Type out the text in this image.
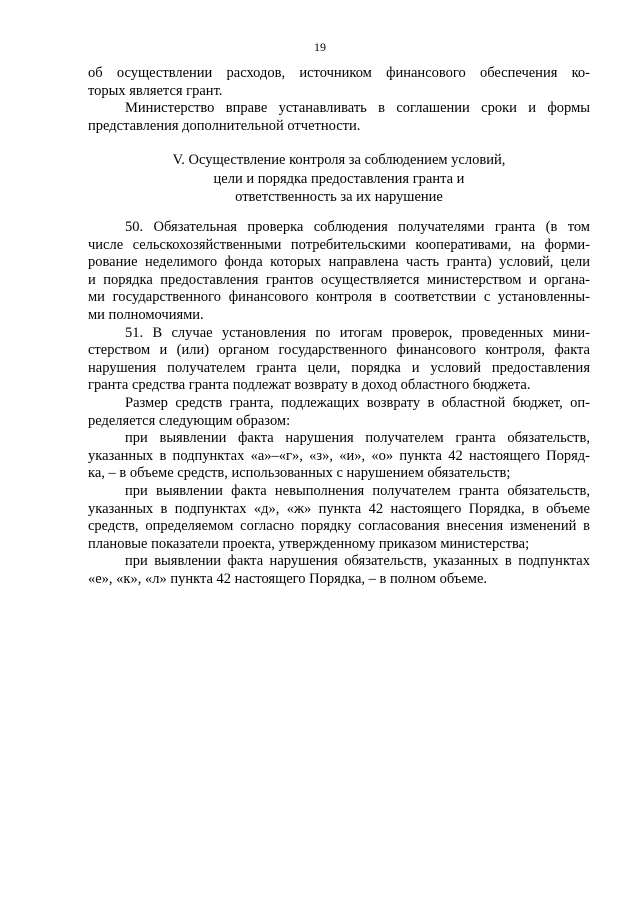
19

об осуществлении расходов, источником финансового обеспечения ко-
торых является грант.

Министерство вправе устанавливать в соглашении сроки и формы
представления дополнительной отчетности.

V. Осуществление контроля за соблюдением условий,
цели и порядка предоставления гранта и
ответственность за их нарушение

50. Обязательная проверка соблюдения получателями гранта (в том
числе сельскохозяйственными потребительскими кооперативами, на форми-
рование неделимого фонда которых направлена часть гранта) условий, цели
и порядка предоставления грантов осуществляется министерством и органа-
ми государственного финансового контроля в соответствии с установленны-
ми полномочиями.

51. В случае установления по итогам проверок, проведенных мини-
стерством и (или) органом государственного финансового контроля, факта
нарушения получателем гранта цели, порядка и условий предоставления
гранта средства гранта подлежат возврату в доход областного бюджета.

Размер средств гранта, подлежащих возврату в областной бюджет, оп-
ределяется следующим образом:

при выявлении факта нарушения получателем гранта обязательств,
указанных в подпунктах «а»–«г», «з», «и», «о» пункта 42 настоящего Поряд-
ка, – в объеме средств, использованных с нарушением обязательств;

при выявлении факта невыполнения получателем гранта обязательств,
указанных в подпунктах «д», «ж» пункта 42 настоящего Порядка, в объеме
средств, определяемом согласно порядку согласования внесения изменений в
плановые показатели проекта, утвержденному приказом министерства;

при выявлении факта нарушения обязательств, указанных в подпунктах
«е», «к», «л» пункта 42 настоящего Порядка, – в полном объеме.
